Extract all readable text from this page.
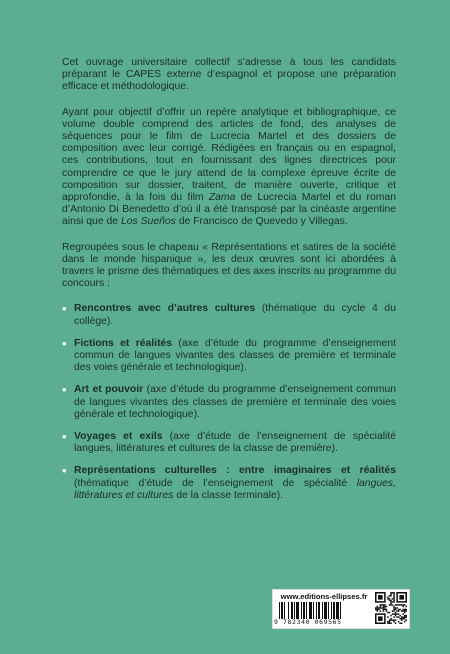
Cet ouvrage universitaire collectif s’adresse à tous les candidats préparant le CAPES externe d’espagnol et propose une préparation efficace et méthodologique.

Ayant pour objectif d’offrir un repère analytique et bibliographique, ce volume double comprend des articles de fond, des analyses de séquences pour le film de Lucrecia Martel et des dossiers de composition avec leur corrigé. Rédigées en français ou en espagnol, ces contributions, tout en fournissant des lignes directrices pour comprendre ce que le jury attend de la complexe épreuve écrite de composition sur dossier, traitent, de manière ouverte, critique et approfondie, à la fois du film Zama de Lucrecia Martel et du roman d’Antonio Di Benedetto d’où il a été transposé par la cinéaste argentine ainsi que de Los Sueños de Francisco de Quevedo y Villegas.

Regroupées sous le chapeau « Représentations et satires de la société dans le monde hispanique », les deux œuvres sont ici abordées à travers le prisme des thématiques et des axes inscrits au programme du concours :

• Rencontres avec d’autres cultures (thématique du cycle 4 du collège).
• Fictions et réalités (axe d’étude du programme d’enseignement commun de langues vivantes des classes de première et terminale des voies générale et technologique).
• Art et pouvoir (axe d’étude du programme d’enseignement commun de langues vivantes des classes de première et terminale des voies générale et technologique).
• Voyages et exils (axe d’étude de l’enseignement de spécialité langues, littératures et cultures de la classe de première).
• Représentations culturelles : entre imaginaires et réalités (thématique d’étude de l’enseignement de spécialité langues, littératures et cultures de la classe terminale).
www.editions-ellipses.fr
9 782340 069565
